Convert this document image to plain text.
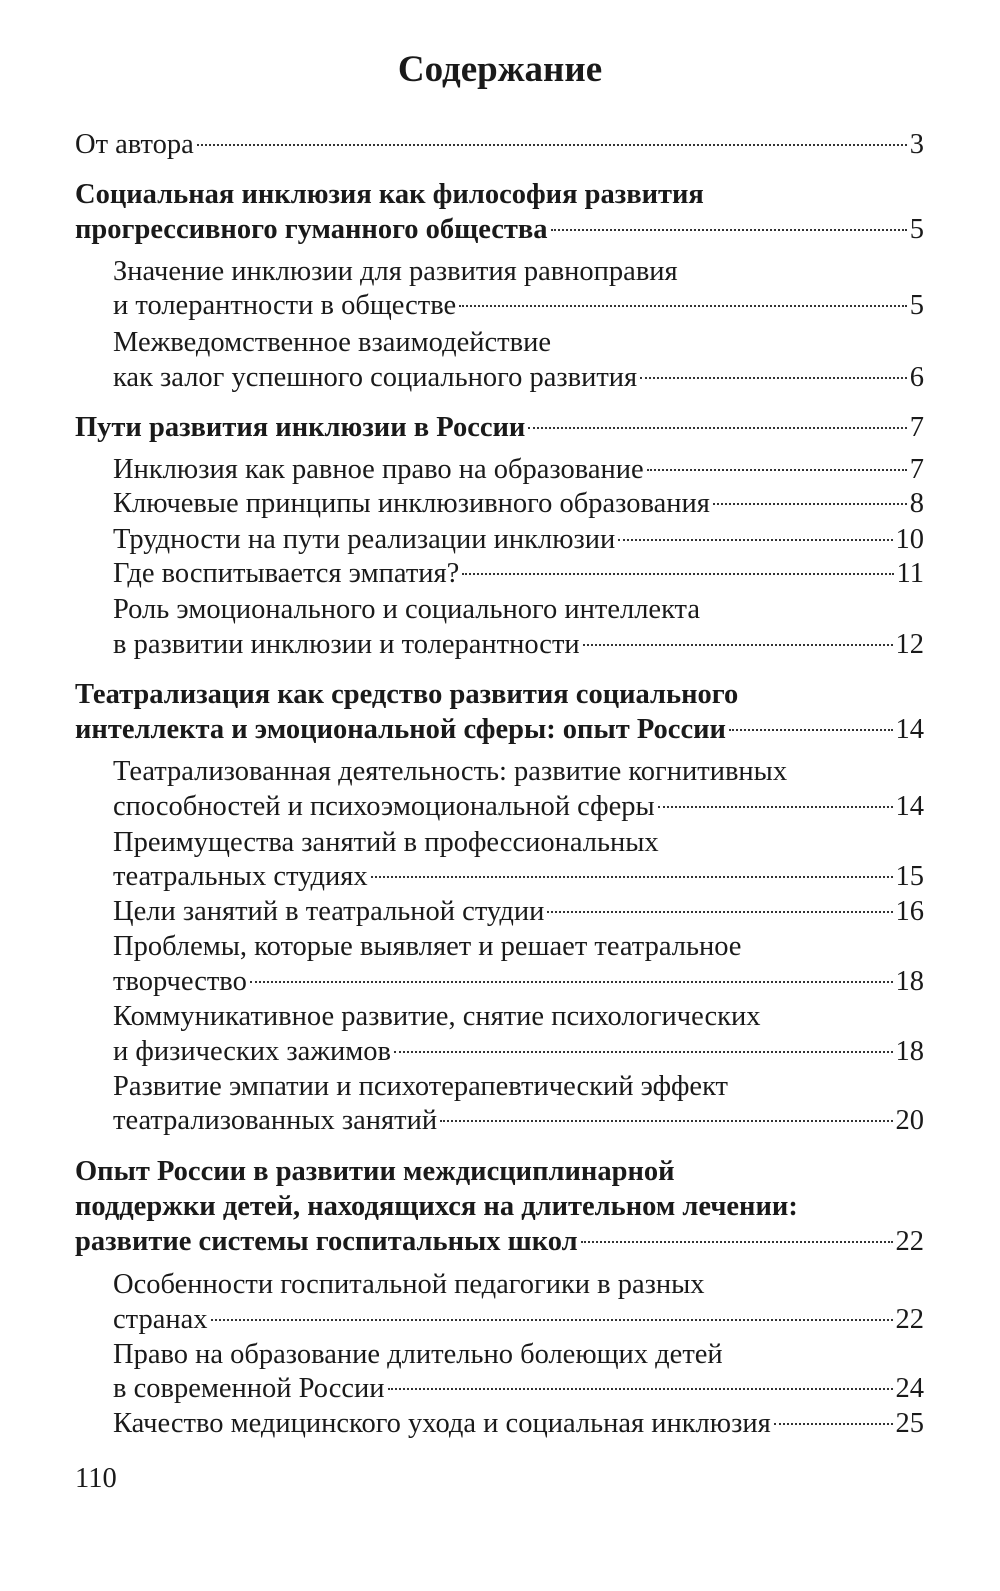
Содержание
От автора	3
Социальная инклюзия как философия развития
прогрессивного гуманного общества	5
Значение инклюзии для развития равноправия
и толерантности в обществе	5
Межведомственное взаимодействие
как залог успешного социального развития	6
Пути развития инклюзии в России	7
Инклюзия как равное право на образование	7
Ключевые принципы инклюзивного образования	8
Трудности на пути реализации инклюзии	10
Где воспитывается эмпатия?	11
Роль эмоционального и социального интеллекта
в развитии инклюзии и толерантности	12
Театрализация как средство развития социального
интеллекта и эмоциональной сферы: опыт России	14
Театрализованная деятельность: развитие когнитивных
способностей и психоэмоциональной сферы	14
Преимущества занятий в профессиональных
театральных студиях	15
Цели занятий в театральной студии	16
Проблемы, которые выявляет и решает театральное
творчество	18
Коммуникативное развитие, снятие психологических
и физических зажимов	18
Развитие эмпатии и психотерапевтический эффект
театрализованных занятий	20
Опыт России в развитии междисциплинарной
поддержки детей, находящихся на длительном лечении:
развитие системы госпитальных школ	22
Особенности госпитальной педагогики в разных
странах	22
Право на образование длительно болеющих детей
в современной России	24
Качество медицинского ухода и социальная инклюзия	25
110
